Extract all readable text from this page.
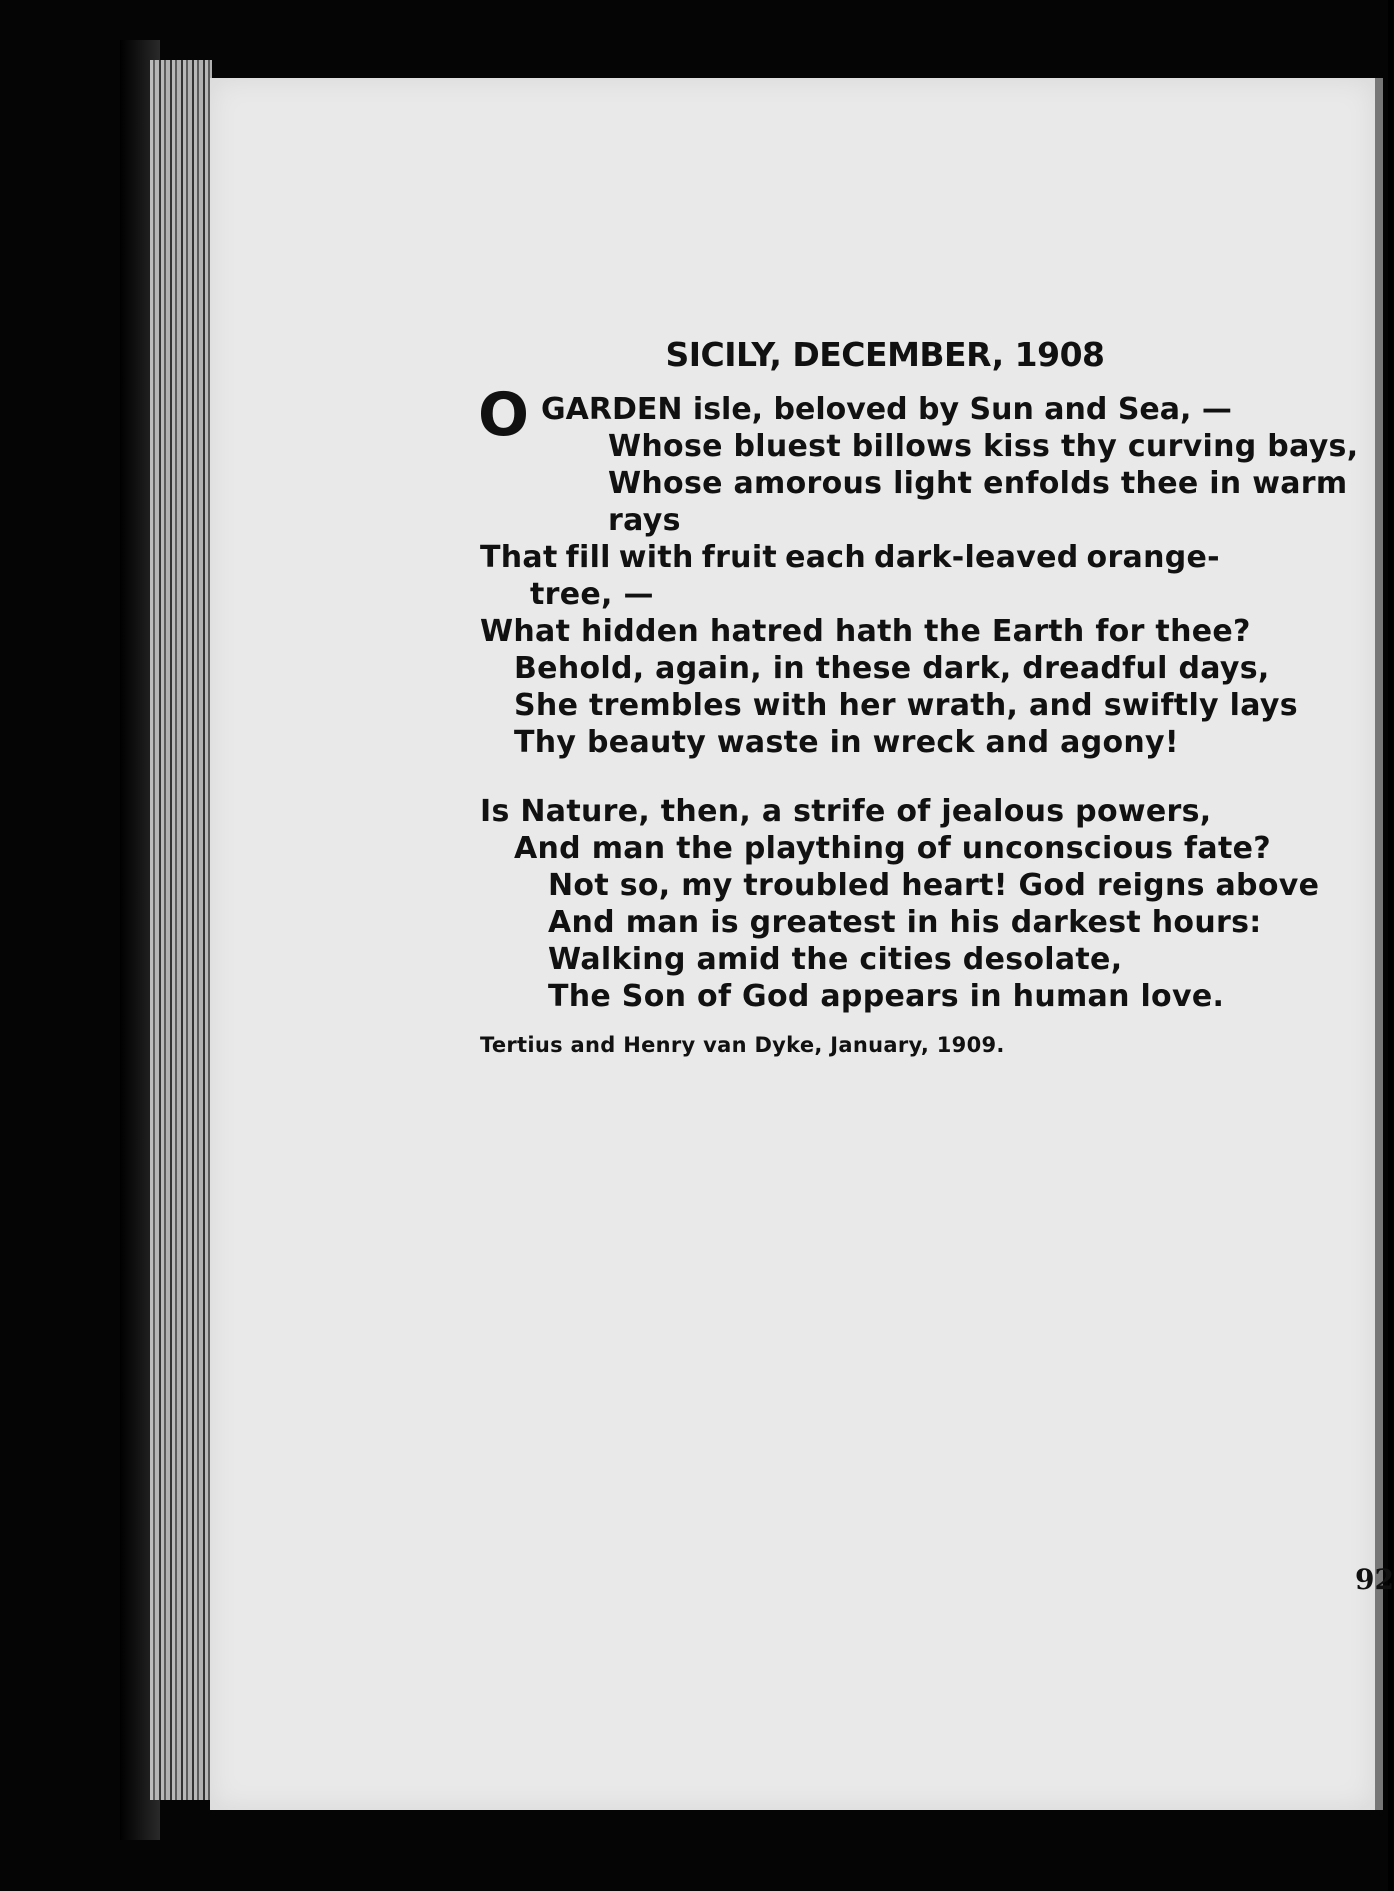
SICILY, DECEMBER, 1908
O GARDEN isle, beloved by Sun and Sea, —
Whose bluest billows kiss thy curving bays,
Whose amorous light enfolds thee in warm
rays
That fill with fruit each dark-leaved orange-
tree, —
What hidden hatred hath the Earth for thee?
Behold, again, in these dark, dreadful days,
She trembles with her wrath, and swiftly lays
Thy beauty waste in wreck and agony!
Is Nature, then, a strife of jealous powers,
And man the plaything of unconscious fate?
Not so, my troubled heart! God reigns above
And man is greatest in his darkest hours:
Walking amid the cities desolate,
The Son of God appears in human love.
Tertius and Henry van Dyke, January, 1909.
92
